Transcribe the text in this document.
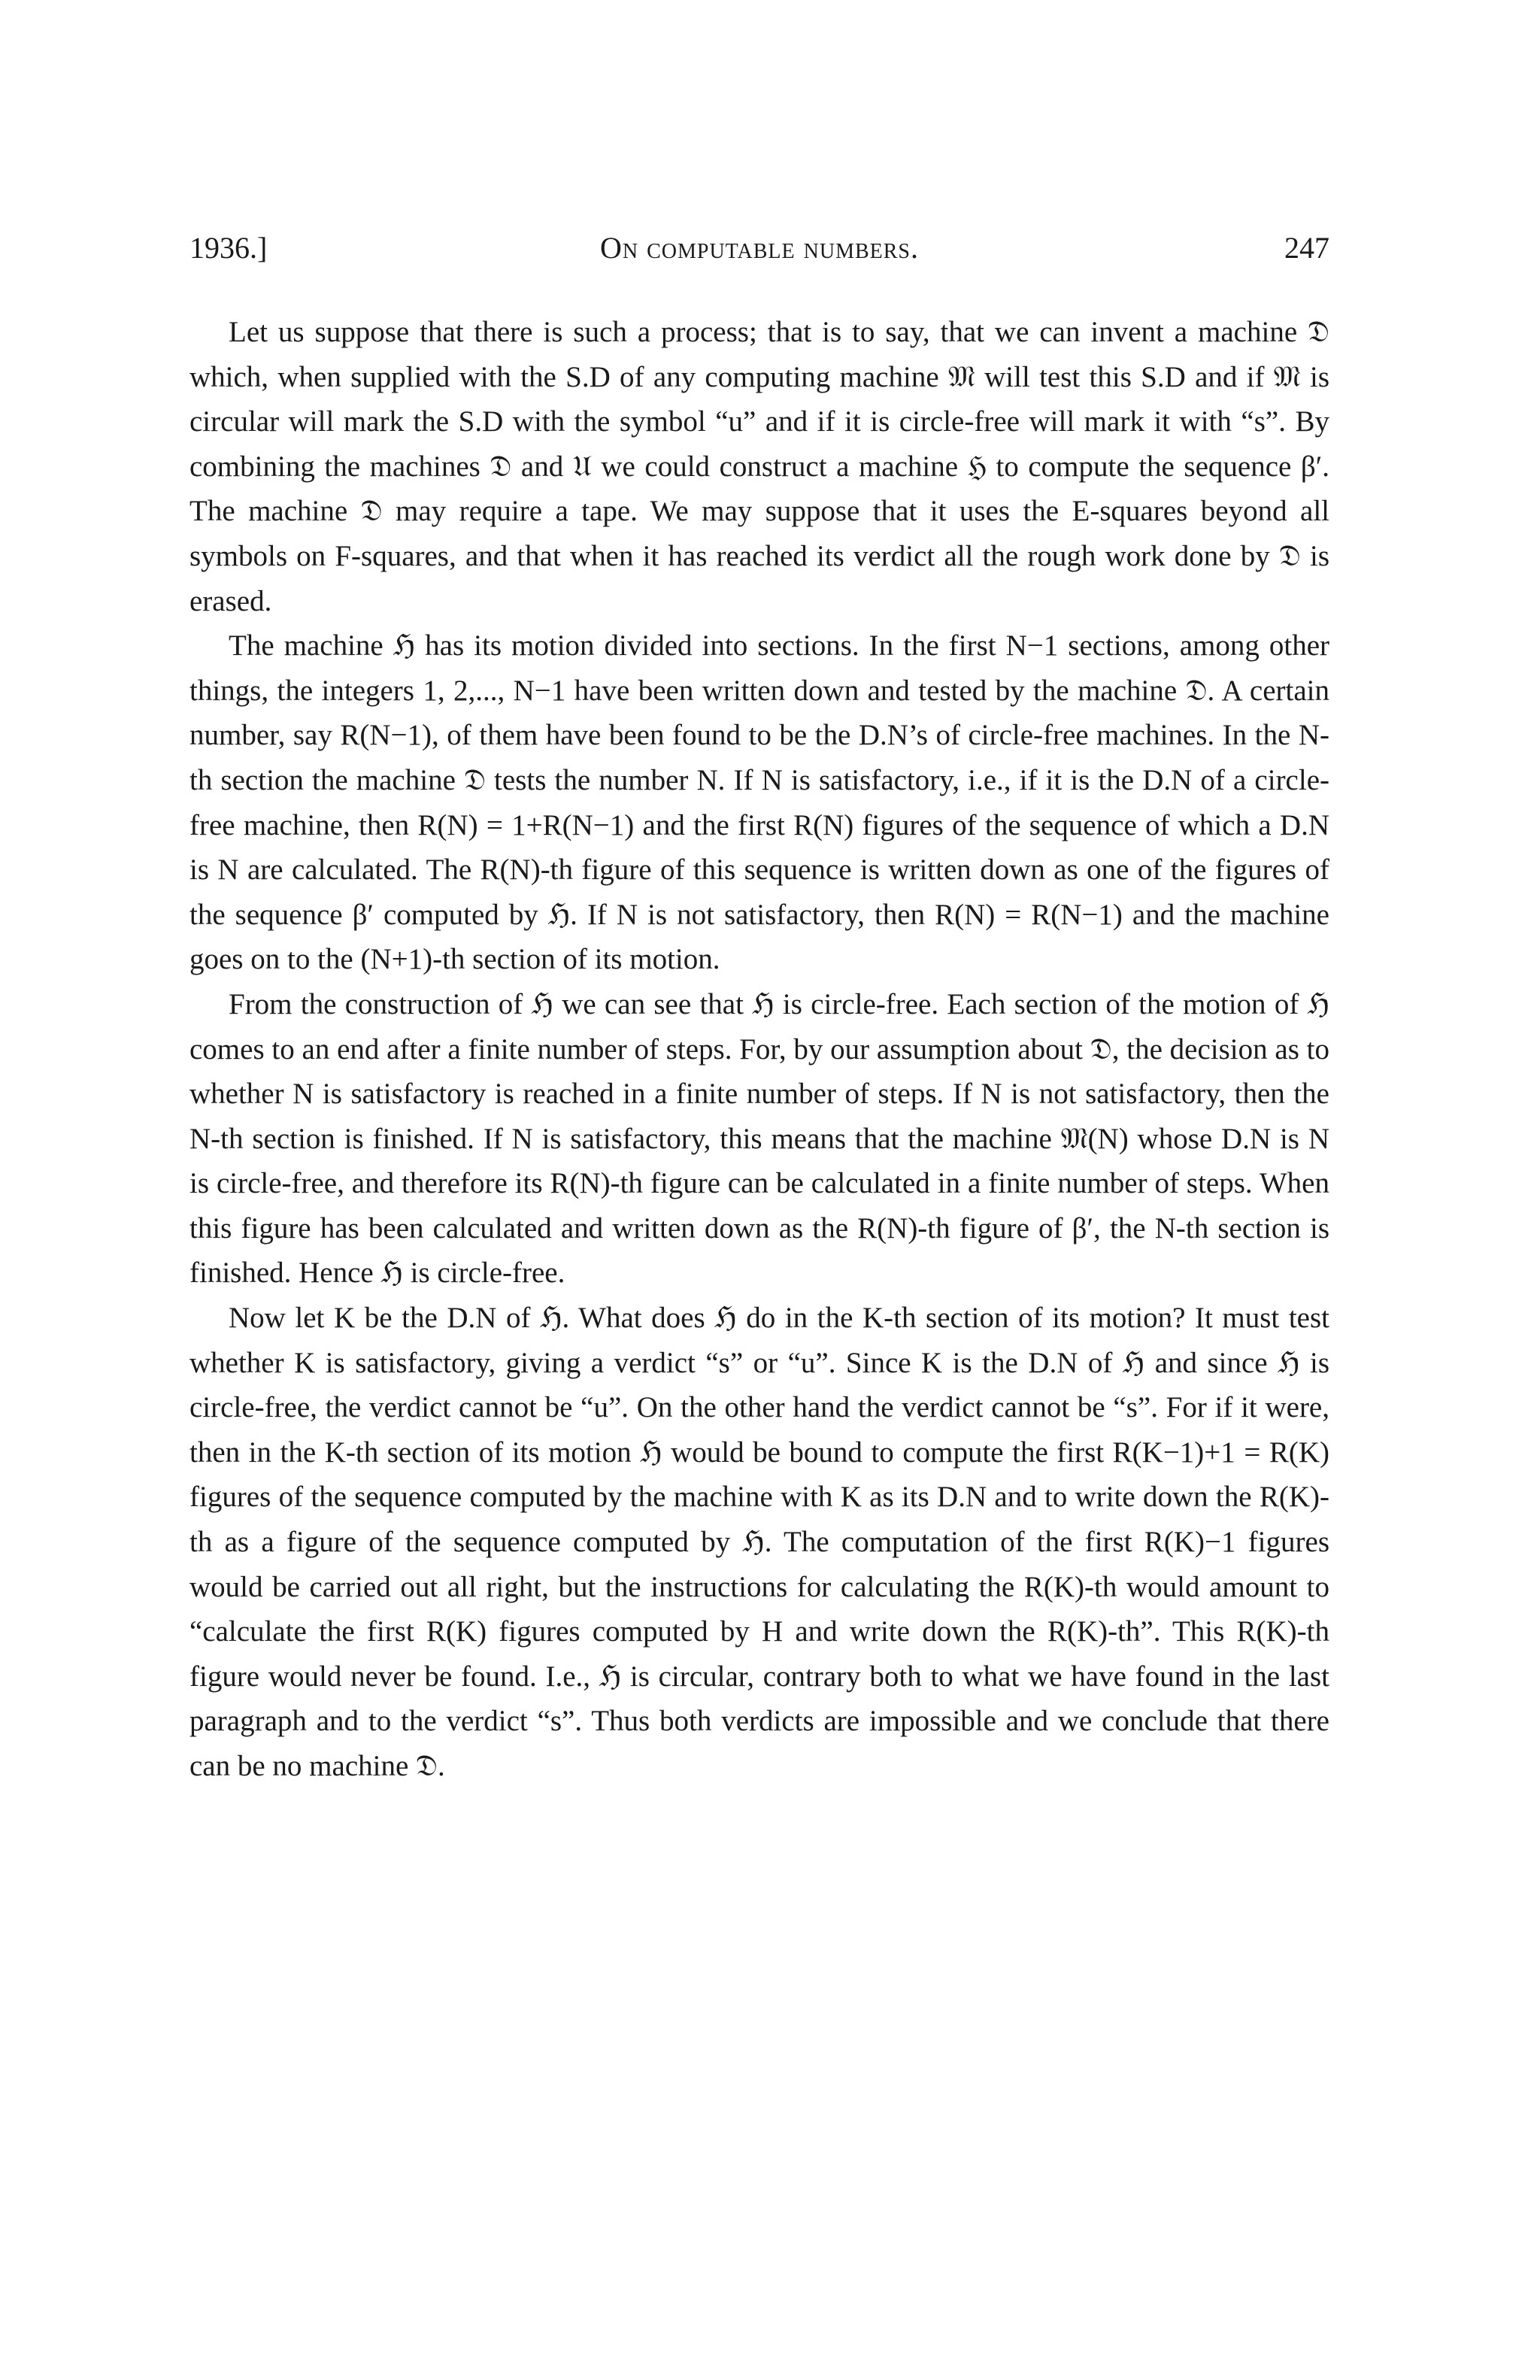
1936.]	On computable numbers.	247

Let us suppose that there is such a process; that is to say, that we can invent a machine 𝔇 which, when supplied with the S.D of any computing machine 𝔐 will test this S.D and if 𝔐 is circular will mark the S.D with the symbol “u” and if it is circle-free will mark it with “s”. By combining the machines 𝔇 and 𝔘 we could construct a machine ℌ to compute the sequence β′. The machine 𝔇 may require a tape. We may suppose that it uses the E-squares beyond all symbols on F-squares, and that when it has reached its verdict all the rough work done by 𝔇 is erased.

The machine ℌ has its motion divided into sections. In the first N−1 sections, among other things, the integers 1, 2,..., N−1 have been written down and tested by the machine 𝔇. A certain number, say R(N−1), of them have been found to be the D.N’s of circle-free machines. In the N-th section the machine 𝔇 tests the number N. If N is satisfactory, i.e., if it is the D.N of a circle-free machine, then R(N) = 1+R(N−1) and the first R(N) figures of the sequence of which a D.N is N are calculated. The R(N)-th figure of this sequence is written down as one of the figures of the sequence β′ computed by ℌ. If N is not satisfactory, then R(N) = R(N−1) and the machine goes on to the (N+1)-th section of its motion.

From the construction of ℌ we can see that ℌ is circle-free. Each section of the motion of ℌ comes to an end after a finite number of steps. For, by our assumption about 𝔇, the decision as to whether N is satisfactory is reached in a finite number of steps. If N is not satisfactory, then the N-th section is finished. If N is satisfactory, this means that the machine 𝔐(N) whose D.N is N is circle-free, and therefore its R(N)-th figure can be calculated in a finite number of steps. When this figure has been calculated and written down as the R(N)-th figure of β′, the N-th section is finished. Hence ℌ is circle-free.

Now let K be the D.N of ℌ. What does ℌ do in the K-th section of its motion? It must test whether K is satisfactory, giving a verdict “s” or “u”. Since K is the D.N of ℌ and since ℌ is circle-free, the verdict cannot be “u”. On the other hand the verdict cannot be “s”. For if it were, then in the K-th section of its motion ℌ would be bound to compute the first R(K−1)+1 = R(K) figures of the sequence computed by the machine with K as its D.N and to write down the R(K)-th as a figure of the sequence computed by ℌ. The computation of the first R(K)−1 figures would be carried out all right, but the instructions for calculating the R(K)-th would amount to “calculate the first R(K) figures computed by H and write down the R(K)-th”. This R(K)-th figure would never be found. I.e., ℌ is circular, contrary both to what we have found in the last paragraph and to the verdict “s”. Thus both verdicts are impossible and we conclude that there can be no machine 𝔇.
